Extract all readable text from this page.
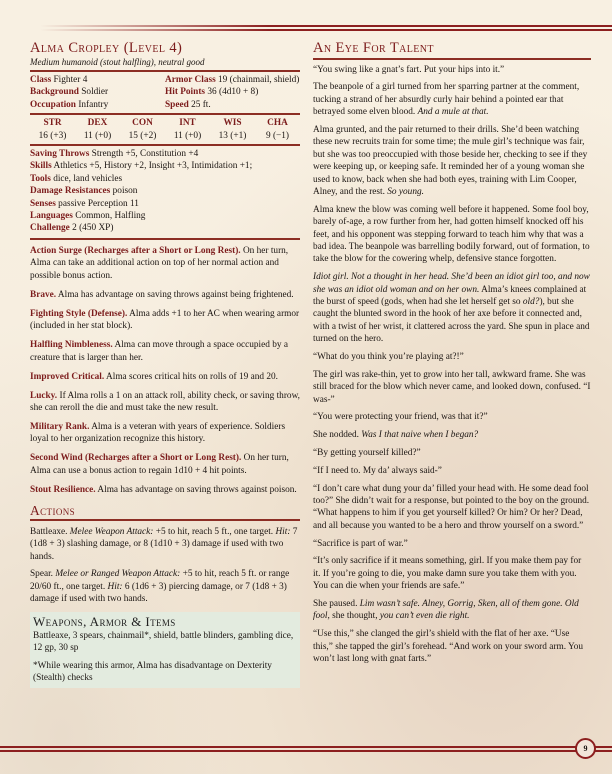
Alma Cropley (Level 4)
Medium humanoid (stout halfling), neutral good
Class Fighter 4	Armor Class 19 (chainmail, shield)
Background Soldier	Hit Points 36 (4d10 + 8)
Occupation Infantry	Speed 25 ft.
STR	DEX	CON	INT	WIS	CHA
16 (+3)	11 (+0)	15 (+2)	11 (+0)	13 (+1)	9 (−1)
Saving Throws Strength +5, Constitution +4
Skills Athletics +5, History +2, Insight +3, Intimidation +1;
Tools dice, land vehicles
Damage Resistances poison
Senses passive Perception 11
Languages Common, Halfling
Challenge 2 (450 XP)

Action Surge (Recharges after a Short or Long Rest). On her turn, Alma can take an additional action on top of her normal action and possible bonus action.

Brave. Alma has advantage on saving throws against being frightened.

Fighting Style (Defense). Alma adds +1 to her AC when wearing armor (included in her stat block).

Halfling Nimbleness. Alma can move through a space occupied by a creature that is larger than her.

Improved Critical. Alma scores critical hits on rolls of 19 and 20.

Lucky. If Alma rolls a 1 on an attack roll, ability check, or saving throw, she can reroll the die and must take the new result.

Military Rank. Alma is a veteran with years of experience. Soldiers loyal to her organization recognize this history.

Second Wind (Recharges after a Short or Long Rest). On her turn, Alma can use a bonus action to regain 1d10 + 4 hit points.

Stout Resilience. Alma has advantage on saving throws against poison.

Actions

Battleaxe. Melee Weapon Attack: +5 to hit, reach 5 ft., one target. Hit: 7 (1d8 + 3) slashing damage, or 8 (1d10 + 3) damage if used with two hands.

Spear. Melee or Ranged Weapon Attack: +5 to hit, reach 5 ft. or range 20/60 ft., one target. Hit: 6 (1d6 + 3) piercing damage, or 7 (1d8 + 3) damage if used with two hands.

Weapons, Armor & Items

Battleaxe, 3 spears, chainmail*, shield, battle blinders, gambling dice, 12 gp, 30 sp

*While wearing this armor, Alma has disadvantage on Dexterity (Stealth) checks

An Eye For Talent

“You swing like a gnat’s fart. Put your hips into it.”

The beanpole of a girl turned from her sparring partner at the comment, tucking a strand of her absurdly curly hair behind a pointed ear that betrayed some elven blood. And a mule at that.

Alma grunted, and the pair returned to their drills. She’d been watching these new recruits train for some time; the mule girl’s technique was fair, but she was too preoccupied with those beside her, checking to see if they were keeping up, or keeping safe. It reminded her of a young woman she used to know, back when she had both eyes, training with Lim Cooper, Alney, and the rest. So young.

Alma knew the blow was coming well before it happened. Some fool boy, barely of-age, a row further from her, had gotten himself knocked off his feet, and his opponent was stepping forward to teach him why that was a bad idea. The beanpole was barrelling bodily forward, out of formation, to take the blow for the cowering whelp, defensive stance forgotten.

Idiot girl. Not a thought in her head. She’d been an idiot girl too, and now she was an idiot old woman and on her own. Alma’s knees complained at the burst of speed (gods, when had she let herself get so old?), but she caught the blunted sword in the hook of her axe before it connected and, with a twist of her wrist, it clattered across the yard. She spun in place and turned on the hero.

“What do you think you’re playing at?!”

The girl was rake-thin, yet to grow into her tall, awkward frame. She was still braced for the blow which never came, and looked down, confused. “I was-”

“You were protecting your friend, was that it?”

She nodded. Was I that naive when I began?

“By getting yourself killed?”

“If I need to. My da’ always said-”

“I don’t care what dung your da’ filled your head with. He some dead fool too?” She didn’t wait for a response, but pointed to the boy on the ground. “What happens to him if you get yourself killed? Or him? Or her? Dead, and all because you wanted to be a hero and throw yourself on a sword.”

“Sacrifice is part of war.”

“It’s only sacrifice if it means something, girl. If you make them pay for it. If you’re going to die, you make damn sure you take them with you. You can die when your friends are safe.”

She paused. Lim wasn’t safe. Alney, Gorrig, Sken, all of them gone. Old fool, she thought, you can’t even die right.

“Use this,” she clanged the girl’s shield with the flat of her axe. “Use this,” she tapped the girl’s forehead. “And work on your sword arm. You won’t last long with gnat farts.”

9
